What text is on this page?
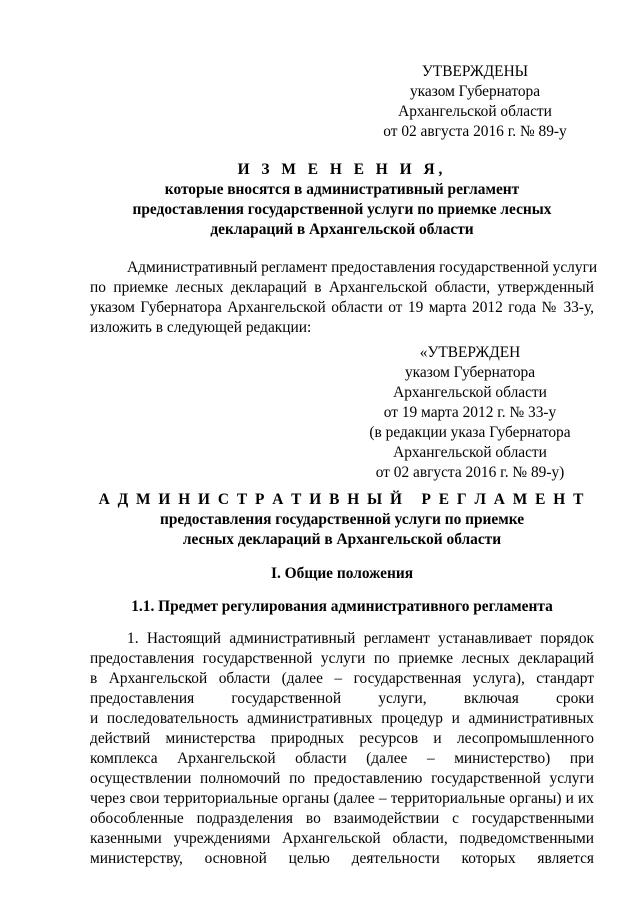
УТВЕРЖДЕНЫ
указом Губернатора
Архангельской области
от 02 августа 2016 г. № 89-у
И З М Е Н Е Н И Я,
которые вносятся в административный регламент
предоставления государственной услуги по приемке лесных
деклараций в Архангельской области
Административный регламент предоставления государственной услуги
по приемке лесных деклараций в Архангельской области, утвержденный
указом Губернатора Архангельской области от 19 марта 2012 года № 33-у,
изложить в следующей редакции:
«УТВЕРЖДЕН
указом Губернатора
Архангельской области
от 19 марта 2012 г. № 33-у
(в редакции указа Губернатора
Архангельской области
от 02 августа 2016 г. № 89-у)
А Д М И Н И С Т Р А Т И В Н Ы Й   Р Е Г Л А М Е Н Т
предоставления государственной услуги по приемке
лесных деклараций в Архангельской области
I. Общие положения
1.1. Предмет регулирования административного регламента
1. Настоящий административный регламент устанавливает порядок
предоставления государственной услуги по приемке лесных деклараций
в Архангельской области (далее – государственная услуга), стандарт
предоставления государственной услуги, включая сроки
и последовательность административных процедур и административных
действий министерства природных ресурсов и лесопромышленного
комплекса Архангельской области (далее – министерство) при
осуществлении полномочий по предоставлению государственной услуги
через свои территориальные органы (далее – территориальные органы) и их
обособленные подразделения во взаимодействии с государственными
казенными учреждениями Архангельской области, подведомственными
министерству, основной целью деятельности которых является
